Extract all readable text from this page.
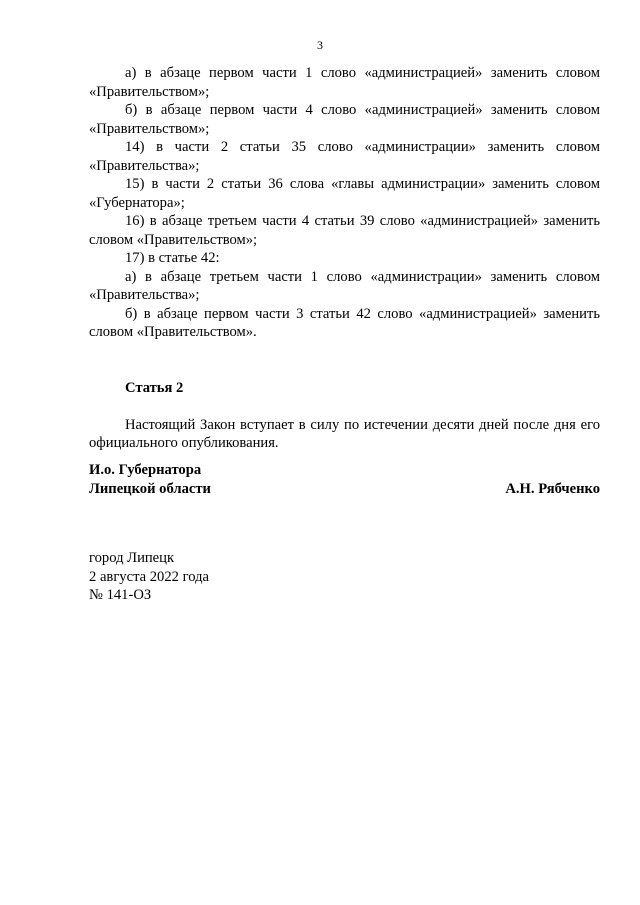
3

а) в абзаце первом части 1 слово «администрацией» заменить словом «Правительством»;

б) в абзаце первом части 4 слово «администрацией» заменить словом «Правительством»;

14) в части 2 статьи 35 слово «администрации» заменить словом «Правительства»;

15) в части 2 статьи 36 слова «главы администрации» заменить словом «Губернатора»;

16) в абзаце третьем части 4 статьи 39 слово «администрацией» заменить словом «Правительством»;

17) в статье 42:

а) в абзаце третьем части 1 слово «администрации» заменить словом «Правительства»;

б) в абзаце первом части 3 статьи 42 слово «администрацией» заменить словом «Правительством».

Статья 2

Настоящий Закон вступает в силу по истечении десяти дней после дня его официального опубликования.

И.о. Губернатора
Липецкой области	А.Н. Рябченко
город Липецк
2 августа 2022 года
№ 141-ОЗ
